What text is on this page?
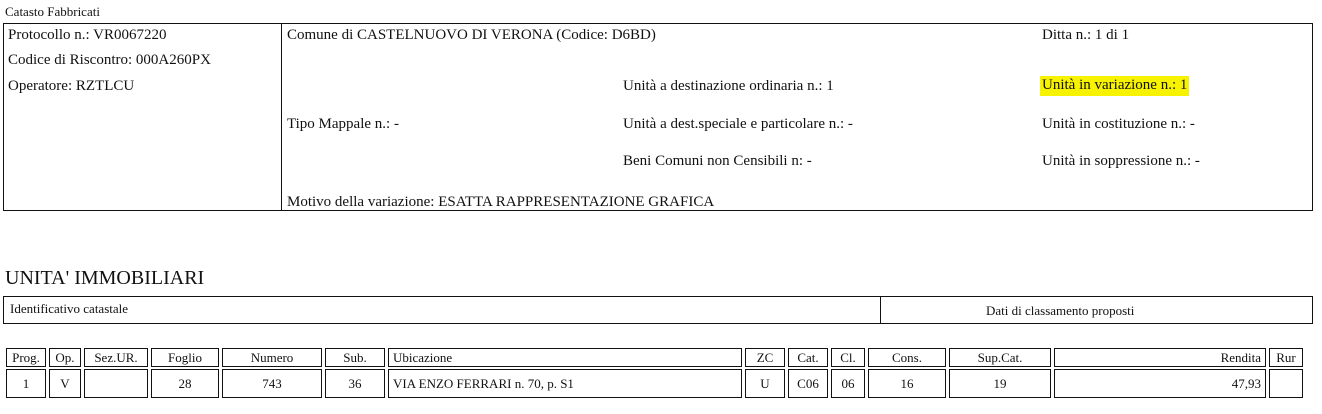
Catasto Fabbricati
Protocollo n.: VR0067220
Codice di Riscontro: 000A260PX
Operatore: RZTLCU
Comune di CASTELNUOVO DI VERONA (Codice: D6BD)	Ditta n.: 1 di 1
Unità a destinazione ordinaria n.: 1	Unità in variazione n.: 1
Tipo Mappale n.: -	Unità a dest.speciale e particolare n.: -	Unità in costituzione n.: -
Beni Comuni non Censibili n: -	Unità in soppressione n.: -
Motivo della variazione: ESATTA RAPPRESENTAZIONE GRAFICA
UNITA' IMMOBILIARI
Identificativo catastale	Dati di classamento proposti
Prog.	Op.	Sez.UR.	Foglio	Numero	Sub.	Ubicazione	ZC	Cat.	Cl.	Cons.	Sup.Cat.	Rendita	Rur
1	V		28	743	36	VIA ENZO FERRARI n. 70, p. S1	U	C06	06	16	19	47,93	
